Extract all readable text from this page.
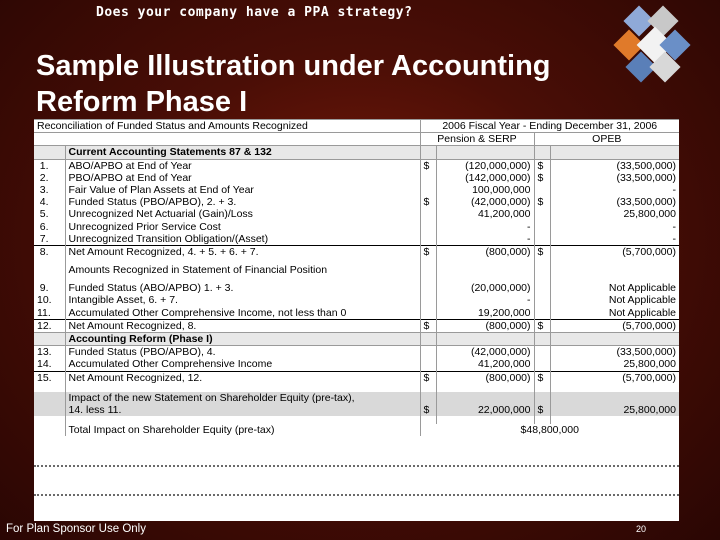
Does your company have a PPA strategy?
Sample Illustration under Accounting
Reform Phase I
Reconciliation of Funded Status and Amounts Recognized		2006 Fiscal Year - Ending December 31, 2006			
		Pension & SERP		OPEB	
	Current Accounting Statements 87 & 132				
1.	ABO/APBO at End of Year	$	(120,000,000)	$	(33,500,000)
2.	PBO/APBO at End of Year		(142,000,000)	$	(33,500,000)
3.	Fair Value of Plan Assets at End of Year		100,000,000		-
4.	Funded Status (PBO/APBO), 2. + 3.	$	(42,000,000)	$	(33,500,000)
5.	Unrecognized Net Actuarial (Gain)/Loss		41,200,000		25,800,000
6.	Unrecognized Prior Service Cost		-		-
7.	Unrecognized Transition Obligation/(Asset)		-		-
8.	Net Amount Recognized, 4. + 5. + 6. + 7.	$	(800,000)	$	(5,700,000)
	Amounts Recognized in Statement of Financial Position				
9.	Funded Status (ABO/APBO) 1. + 3.		(20,000,000)		Not Applicable
10.	Intangible Asset, 6. + 7.		-		Not Applicable
11.	Accumulated Other Comprehensive Income, not less than 0		19,200,000		Not Applicable
12.	Net Amount Recognized, 8.	$	(800,000)	$	(5,700,000)
	Accounting Reform (Phase I)				
13.	Funded Status (PBO/APBO), 4.		(42,000,000)		(33,500,000)
14.	Accumulated Other Comprehensive Income		41,200,000		25,800,000
15.	Net Amount Recognized, 12.	$	(800,000)	$	(5,700,000)

	Impact of the new Statement on Shareholder Equity (pre-tax),				
	14. less 11.	$	22,000,000	$	25,800,000

	Total Impact on Shareholder Equity (pre-tax)	$48,800,000			
For Plan Sponsor Use Only	20
